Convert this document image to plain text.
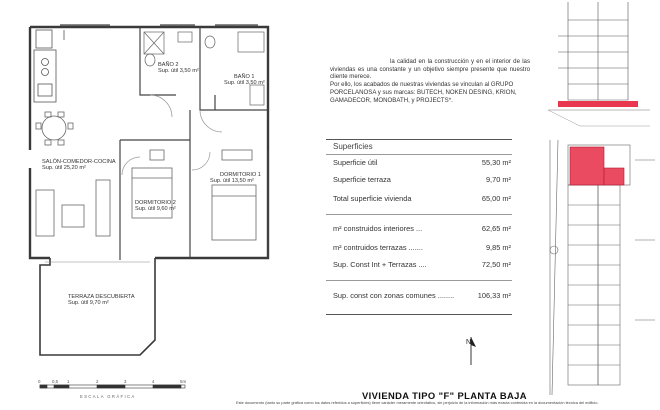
BAÑO 2
Sup. útil 3,50 m²
BAÑO 1
Sup. útil 3,50 m²
SALÓN-COMEDOR-COCINA
Sup. útil 25,20 m²
DORMITORIO 1
Sup. útil 13,50 m²
DORMITORIO 2
Sup. útil 9,60 m²
TERRAZA DESCUBIERTA
Sup. útil 9,70 m²
0	0,5 1	2	3	4	5m
ESCALA GRÁFICA

la calidad en la construcción y en el interior de las viviendas es una constante y un objetivo siempre presente que nuestro cliente merece.

Por ello, los acabados de nuestras viviendas se vinculan al GRUPO PORCELANOSA y sus marcas: BUTECH, NOKEN DESING, KRION, GAMADECOR, MONOBATH, y PROJECTS*.

Superficies
Superficie útil	55,30 m²
Superficie terraza	9,70 m²
Total superficie vivienda	65,00 m²
m² construidos interiores ...	62,65 m²
m² contruidos terrazas .......	9,85 m²
Sup. Const Int + Terrazas ....	72,50 m²
Sup. const con zonas comunes ........	106,33 m²
N
VIVIENDA TIPO "F" PLANTA BAJA
Este documento (tanto su parte gráfica como los datos referidos a superficies) tiene carácter meramente orientativo, sin perjuicio de la información más exacta contenida en la documentación técnica del edificio.
